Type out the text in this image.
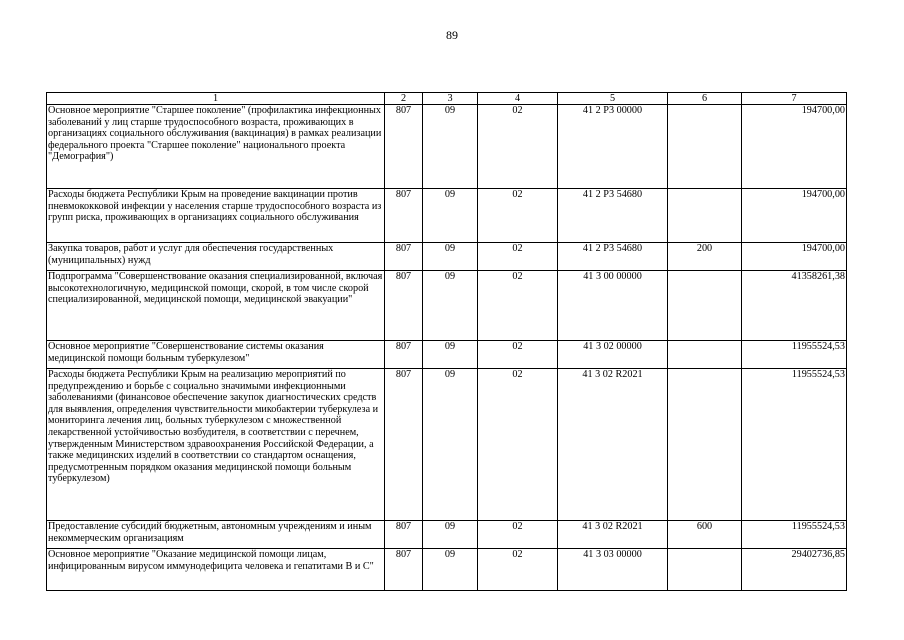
89
1	2	3	4	5	6	7
Основное мероприятие "Старшее поколение" (профилактика инфекционных заболеваний у лиц старше трудоспособного возраста, проживающих в организациях социального обслуживания (вакцинация) в рамках реализации федерального проекта "Старшее поколение" национального проекта "Демография")	807	09	02	41 2 P3 00000		194700,00
Расходы бюджета Республики Крым на проведение вакцинации против пневмококковой инфекции у населения старше трудоспособного возраста из групп риска, проживающих в организациях социального обслуживания	807	09	02	41 2 P3 54680		194700,00
Закупка товаров, работ и услуг для обеспечения государственных (муниципальных) нужд	807	09	02	41 2 P3 54680	200	194700,00
Подпрограмма "Совершенствование оказания специализированной, включая высокотехнологичную, медицинской помощи, скорой, в том числе скорой специализированной, медицинской помощи, медицинской эвакуации"	807	09	02	41 3 00 00000		41358261,38
Основное мероприятие "Совершенствование системы оказания медицинской помощи больным туберкулезом"	807	09	02	41 3 02 00000		11955524,53
Расходы бюджета Республики Крым на реализацию мероприятий по предупреждению и борьбе с социально значимыми инфекционными заболеваниями (финансовое обеспечение закупок диагностических средств для выявления, определения чувствительности микобактерии туберкулеза и мониторинга лечения лиц, больных туберкулезом с множественной лекарственной устойчивостью возбудителя, в соответствии с перечнем, утвержденным Министерством здравоохранения Российской Федерации, а также медицинских изделий в соответствии со стандартом оснащения, предусмотренным порядком оказания медицинской помощи больным туберкулезом)	807	09	02	41 3 02 R2021		11955524,53
Предоставление субсидий бюджетным, автономным учреждениям и иным некоммерческим организациям	807	09	02	41 3 02 R2021	600	11955524,53
Основное мероприятие "Оказание медицинской помощи лицам, инфицированным вирусом иммунодефицита человека и гепатитами В и С"	807	09	02	41 3 03 00000		29402736,85
